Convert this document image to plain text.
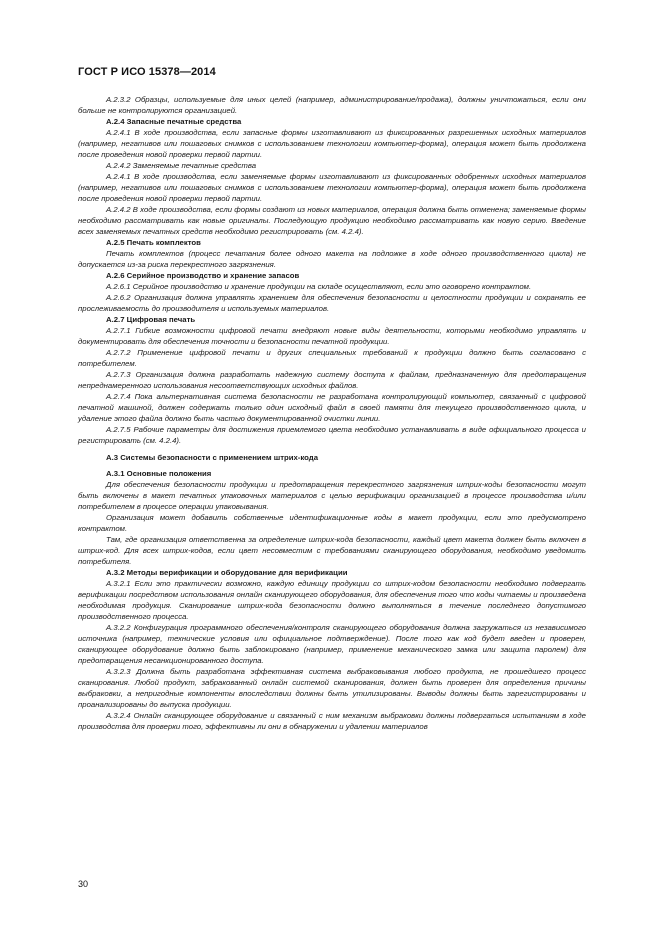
ГОСТ Р ИСО 15378—2014

А.2.3.2 Образцы, используемые для иных целей (например, администрирование/продажа), должны уничтожаться, если они больше не контролируются организацией.

А.2.4 Запасные печатные средства

А.2.4.1 В ходе производства, если запасные формы изготавливают из фиксированных разрешенных исходных материалов (например, негативов или пошаговых снимков с использованием технологии компьютер-форма), операция может быть продолжена после проведения новой проверки первой партии.

А.2.4.2 Заменяемые печатные средства

А.2.4.1 В ходе производства, если заменяемые формы изготавливают из фиксированных одобренных исходных материалов (например, негативов или пошаговых снимков с использованием технологии компьютер-форма), операция может быть продолжена после проведения новой проверки первой партии.

А.2.4.2 В ходе производства, если формы создают из новых материалов, операция должна быть отменена; заменяемые формы необходимо рассматривать как новые оригиналы. Последующую продукцию необходимо рассматривать как новую серию. Введение всех заменяемых печатных средств необходимо регистрировать (см. 4.2.4).

А.2.5 Печать комплектов

Печать комплектов (процесс печатания более одного макета на подложке в ходе одного производственного цикла) не допускается из-за риска перекрестного загрязнения.

А.2.6 Серийное производство и хранение запасов

А.2.6.1 Серийное производство и хранение продукции на складе осуществляют, если это оговорено контрактом.

А.2.6.2 Организация должна управлять хранением для обеспечения безопасности и целостности продукции и сохранять ее прослеживаемость до производителя и используемых материалов.

А.2.7 Цифровая печать

А.2.7.1 Гибкие возможности цифровой печати внедряют новые виды деятельности, которыми необходимо управлять и документировать для обеспечения точности и безопасности печатной продукции.

А.2.7.2 Применение цифровой печати и других специальных требований к продукции должно быть согласовано с потребителем.

А.2.7.3 Организация должна разработать надежную систему доступа к файлам, предназначенную для предотвращения непреднамеренного использования несоответствующих исходных файлов.

А.2.7.4 Пока альтернативная система безопасности не разработана контролирующий компьютер, связанный с цифровой печатной машиной, должен содержать только один исходный файл в своей памяти для текущего производственного цикла, и удаление этого файла должно быть частью документированной очистки линии.

А.2.7.5 Рабочие параметры для достижения приемлемого цвета необходимо устанавливать в виде официального процесса и регистрировать (см. 4.2.4).

А.3 Системы безопасности с применением штрих-кода

А.3.1 Основные положения

Для обеспечения безопасности продукции и предотвращения перекрестного загрязнения штрих-коды безопасности могут быть включены в макет печатных упаковочных материалов с целью верификации организацией в процессе производства и/или потребителем в процессе операции упаковывания.

Организация может добавить собственные идентификационные коды в макет продукции, если это предусмотрено контрактом.

Там, где организация ответственна за определение штрих-кода безопасности, каждый цвет макета должен быть включен в штрих-код. Для всех штрих-кодов, если цвет несовместим с требованиями сканирующего оборудования, необходимо уведомить потребителя.

А.3.2 Методы верификации и оборудование для верификации

А.3.2.1 Если это практически возможно, каждую единицу продукции со штрих-кодом безопасности необходимо подвергать верификации посредством использования онлайн сканирующего оборудования, для обеспечения того что коды читаемы и произведена необходимая продукция. Сканирование штрих-кода безопасности должно выполняться в течение последнего допустимого производственного процесса.

А.3.2.2 Конфигурация программного обеспечения/контроля сканирующего оборудования должна загружаться из независимого источника (например, технические условия или официальное подтверждение). После того как код будет введен и проверен, сканирующее оборудование должно быть заблокировано (например, применение механического замка или защита паролем) для предотвращения несанкционированного доступа.

А.3.2.3 Должна быть разработана эффективная система выбраковывания любого продукта, не прошедшего процесс сканирования. Любой продукт, забракованный онлайн системой сканирования, должен быть проверен для определения причины выбраковки, а непригодные компоненты впоследствии должны быть утилизированы. Выводы должны быть зарегистрированы и проанализированы до выпуска продукции.

А.3.2.4 Онлайн сканирующее оборудование и связанный с ним механизм выбраковки должны подвергаться испытаниям в ходе производства для проверки того, эффективны ли они в обнаружении и удалении материалов

30
